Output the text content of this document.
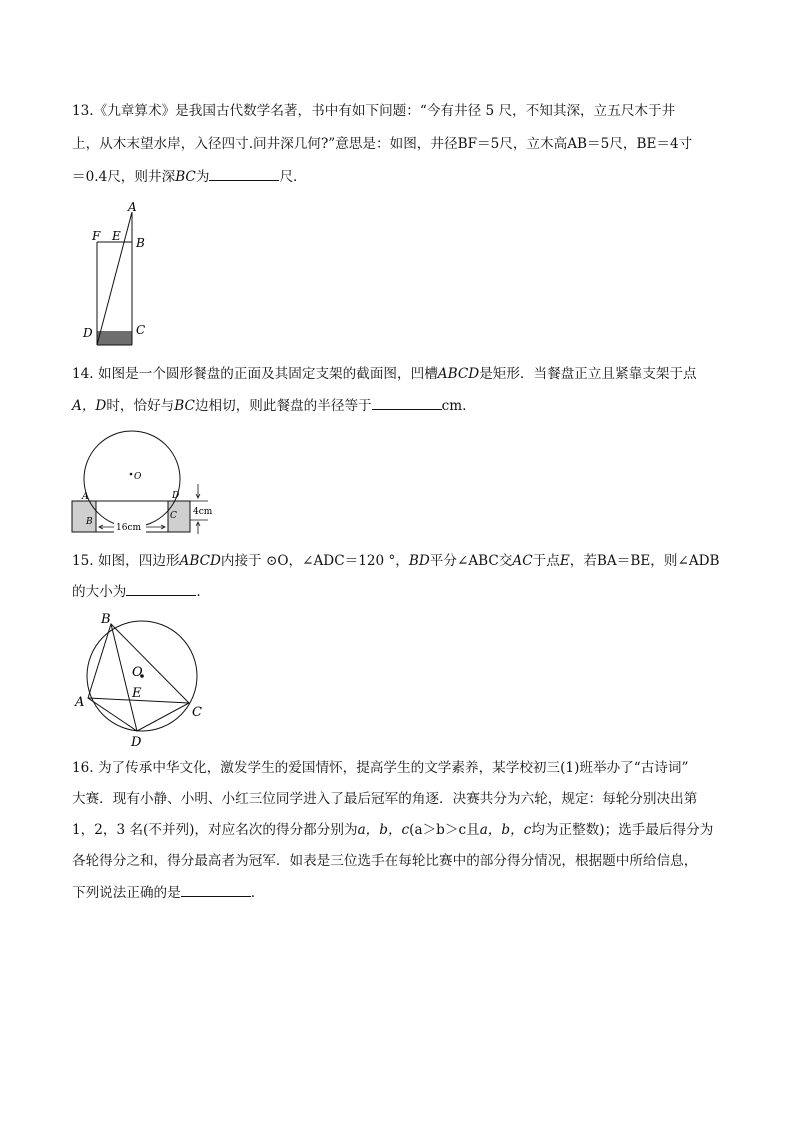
13.《九章算术》是我国古代数学名著，书中有如下问题：“今有井径 5 尺，不知其深，立五尺木于井
上，从木末望水岸，入径四寸.问井深几何?”意思是：如图，井径BF＝5尺，立木高AB＝5尺，BE＝4寸
＝0.4尺，则井深BC为	尺．
A
F E B
D	C
14. 如图是一个圆形餐盘的正面及其固定支架的截面图，凹槽ABCD是矩形．当餐盘正立且紧靠支架于点
A，D时，恰好与BC边相切，则此餐盘的半径等于	cm.
O
A	D
B
C
16cm
4cm
15. 如图，四边形ABCD内接于 ⊙O，∠ADC＝120 °，BD平分∠ABC交AC于点E，若BA＝BE，则∠ADB
的大小为	.
B
O
E
A
C
D
16. 为了传承中华文化，激发学生的爱国情怀，提高学生的文学素养，某学校初三(1)班举办了“古诗词”
大赛．现有小静、小明、小红三位同学进入了最后冠军的角逐．决赛共分为六轮，规定：每轮分别决出第
1，2，3 名(不并列)，对应名次的得分都分别为a，b，c(a＞b＞c且a，b，c均为正整数)；选手最后得分为
各轮得分之和，得分最高者为冠军．如表是三位选手在每轮比赛中的部分得分情况，根据题中所给信息，
下列说法正确的是	.
